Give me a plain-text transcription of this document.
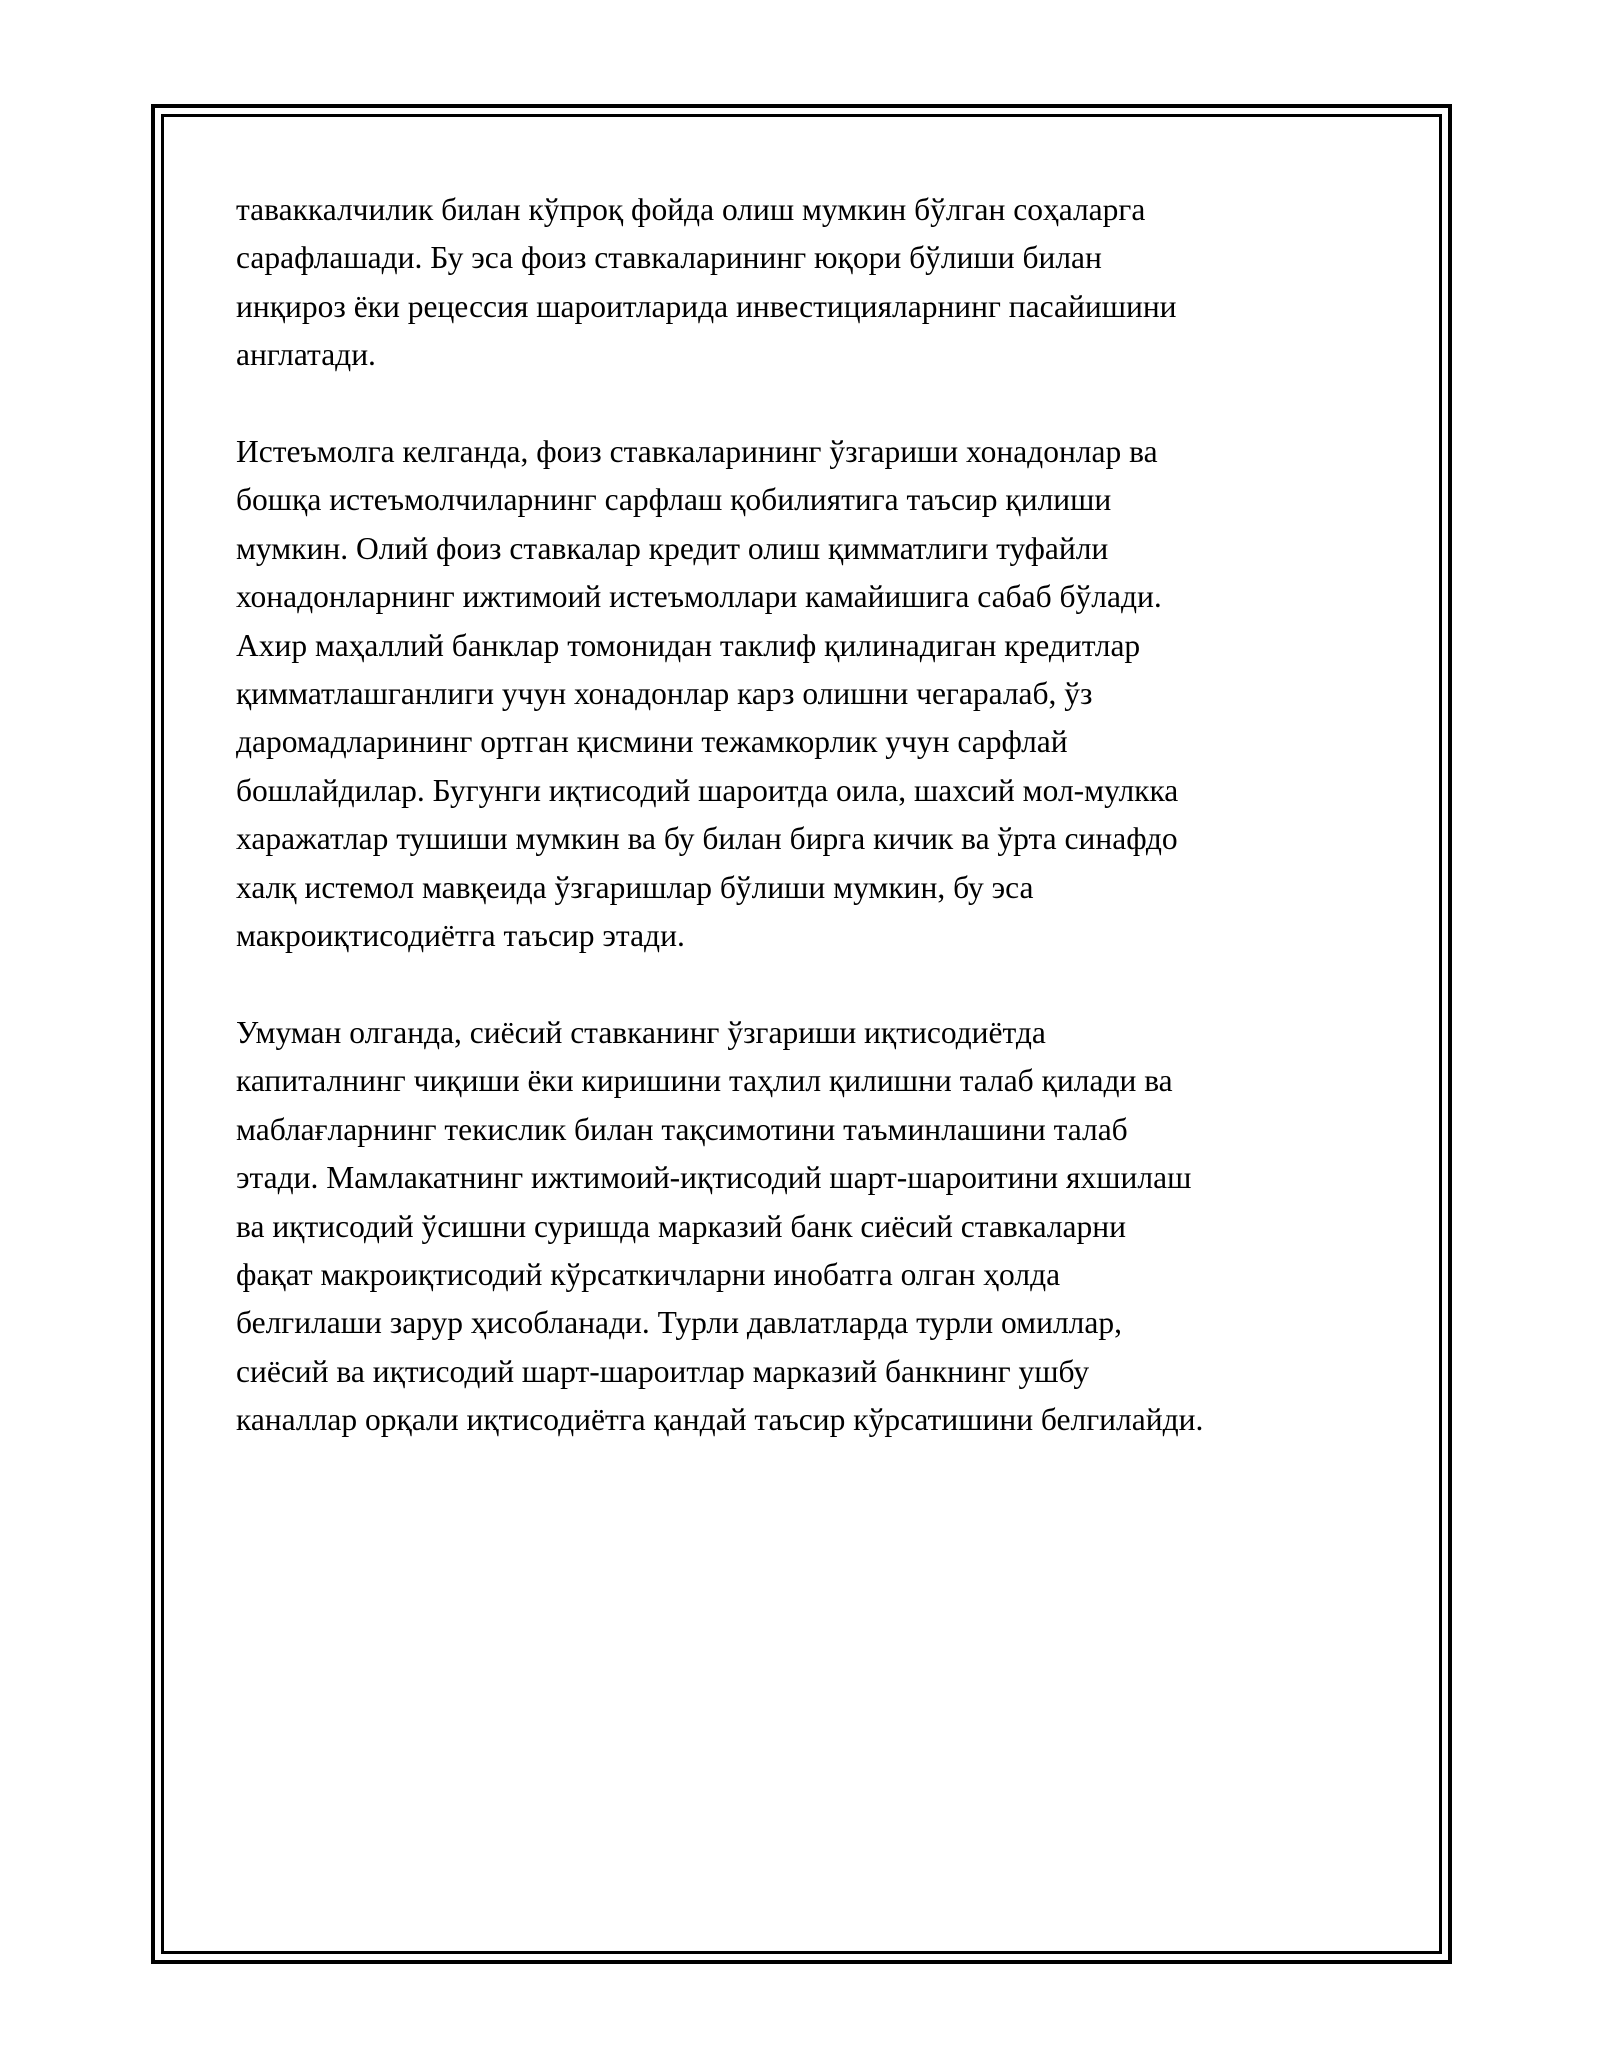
таваккалчилик билан кўпроқ фойда олиш мумкин бўлган соҳаларга
сарафлашади. Бу эса фоиз ставкаларининг юқори бўлиши билан
инқироз ёки рецессия шароитларида инвестицияларнинг пасайишини
англатади.

Истеъмолга келганда, фоиз ставкаларининг ўзгариши хонадонлар ва
бошқа истеъмолчиларнинг сарфлаш қобилиятига таъсир қилиши
мумкин. Олий фоиз ставкалар кредит олиш қимматлиги туфайли
хонадонларнинг ижтимоий истеъмоллари камайишига сабаб бўлади.
Ахир маҳаллий банклар томонидан таклиф қилинадиган кредитлар
қимматлашганлиги учун хонадонлар карз олишни чегаралаб, ўз
даромадларининг ортган қисмини тежамкорлик учун сарфлай
бошлайдилар. Бугунги иқтисодий шароитда оила, шахсий мол-мулкка
харажатлар тушиши мумкин ва бу билан бирга кичик ва ўрта синафдо
халқ истемол мавқеида ўзгаришлар бўлиши мумкин, бу эса
макроиқтисодиётга таъсир этади.

Умуман олганда, сиёсий ставканинг ўзгариши иқтисодиётда
капиталнинг чиқиши ёки киришини таҳлил қилишни талаб қилади ва
маблағларнинг текислик билан тақсимотини таъминлашини талаб
этади. Мамлакатнинг ижтимоий-иқтисодий шарт-шароитини яхшилаш
ва иқтисодий ўсишни суришда марказий банк сиёсий ставкаларни
фақат макроиқтисодий кўрсаткичларни инобатга олган ҳолда
белгилаши зарур ҳисобланади. Турли давлатларда турли омиллар,
сиёсий ва иқтисодий шарт-шароитлар марказий банкнинг ушбу
каналлар орқали иқтисодиётга қандай таъсир кўрсатишини белгилайди.
